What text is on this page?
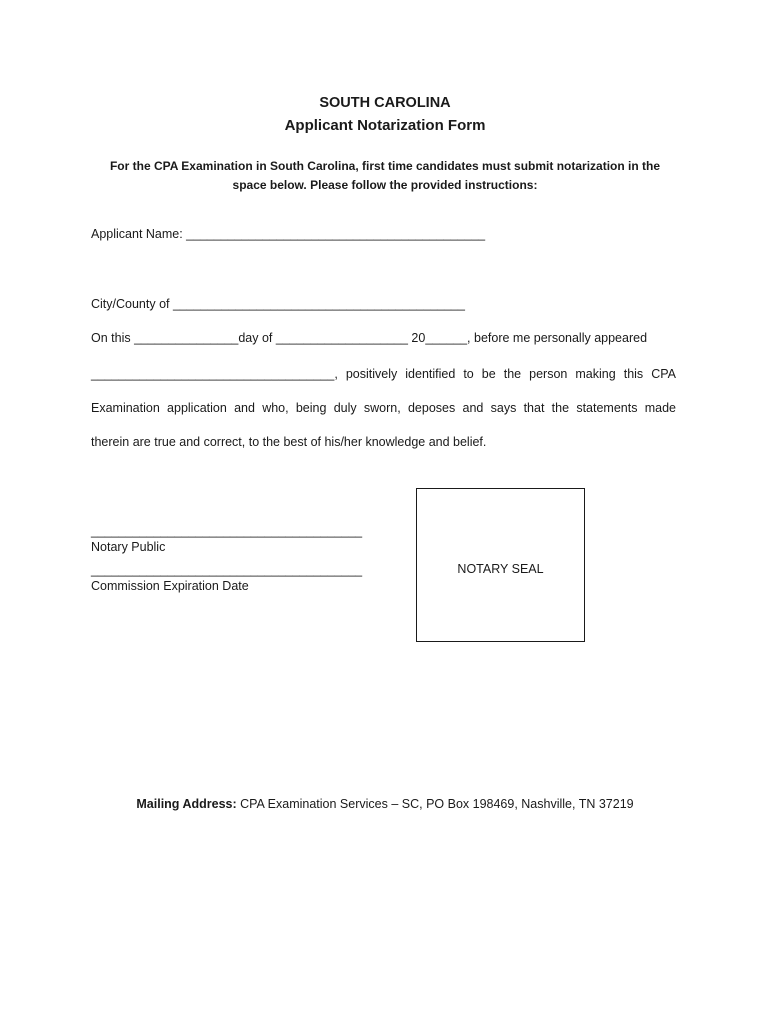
SOUTH CAROLINA
Applicant Notarization Form
For the CPA Examination in South Carolina, first time candidates must submit notarization in the space below. Please follow the provided instructions:
Applicant Name: ___________________________________________
City/County of __________________________________________
On this _______________day of ___________________ 20______, before me personally appeared
___________________________________, positively identified to be the person making this CPA
Examination application and who, being duly sworn, deposes and says that the statements made
therein are true and correct, to the best of his/her knowledge and belief.
_______________________________________
Notary Public
_______________________________________
Commission Expiration Date
NOTARY SEAL
Mailing Address: CPA Examination Services – SC, PO Box 198469, Nashville, TN 37219
